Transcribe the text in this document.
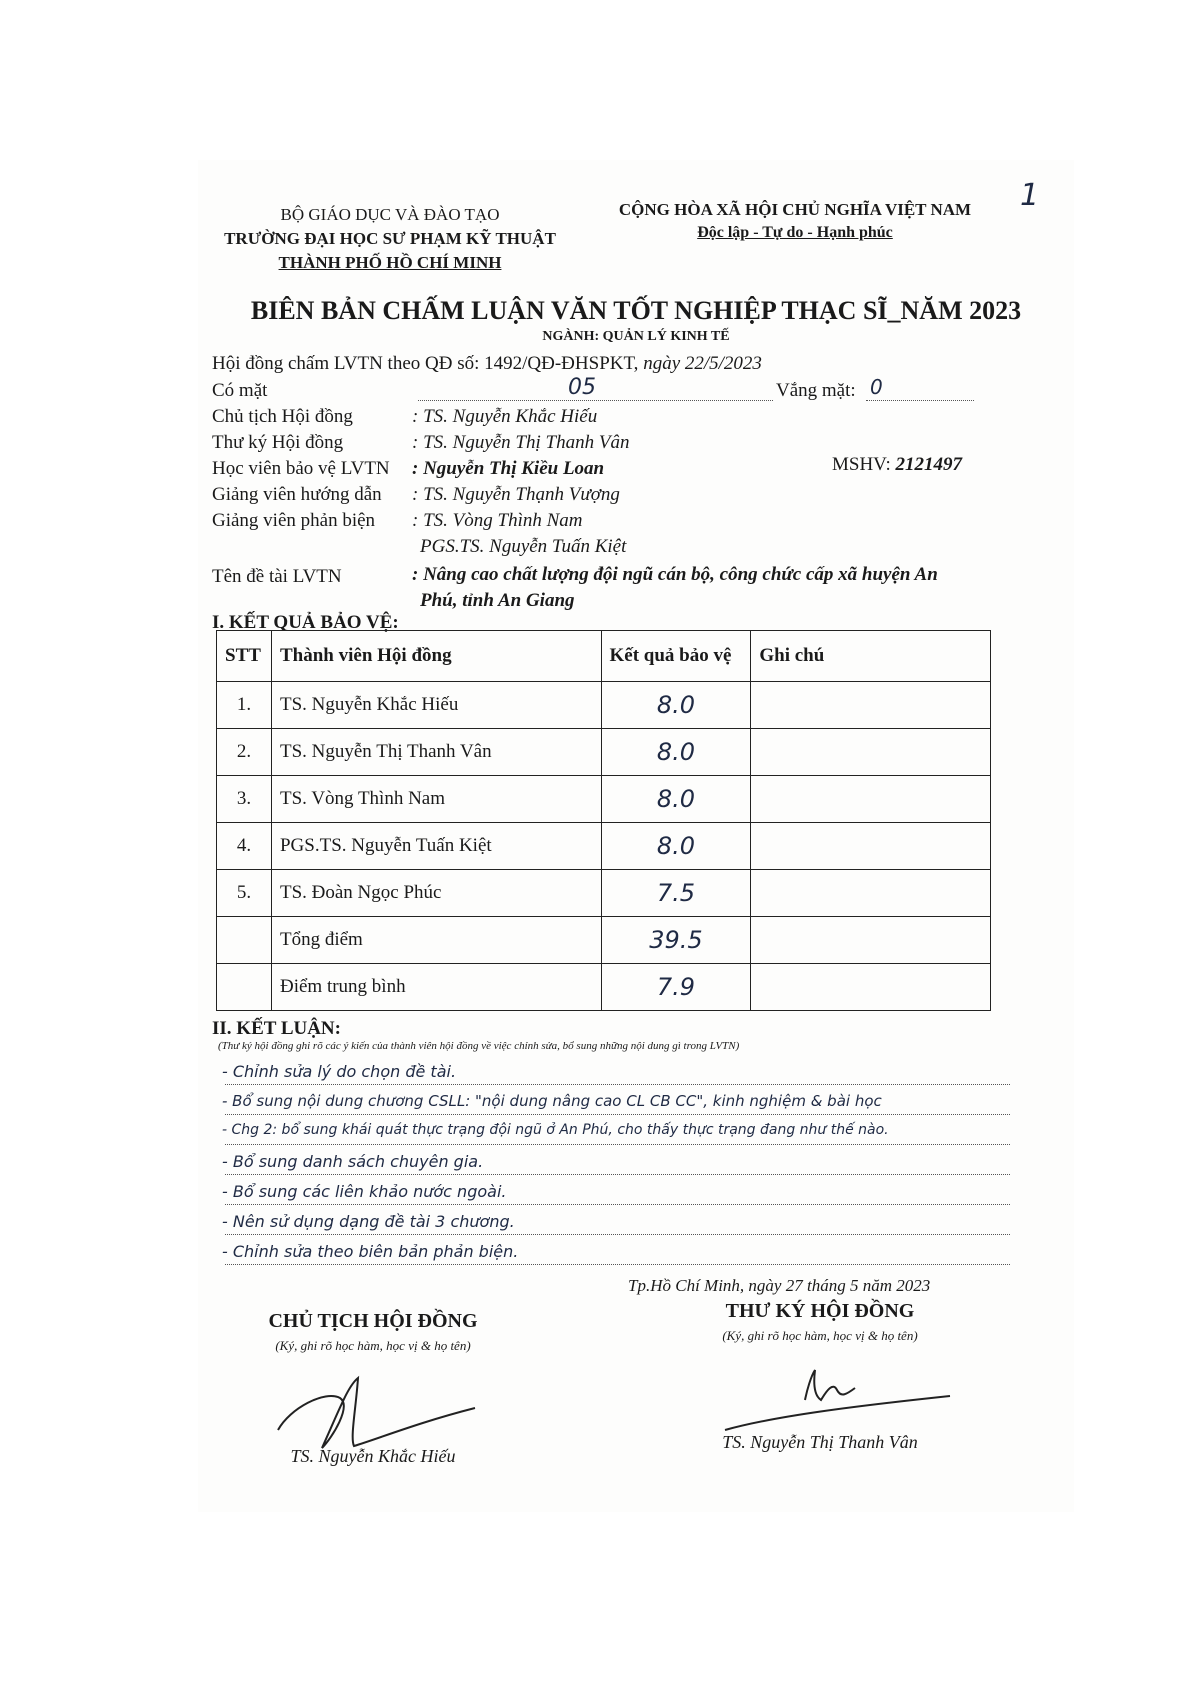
1
BỘ GIÁO DỤC VÀ ĐÀO TẠO
TRƯỜNG ĐẠI HỌC SƯ PHẠM KỸ THUẬT
THÀNH PHỐ HỒ CHÍ MINH
CỘNG HÒA XÃ HỘI CHỦ NGHĨA VIỆT NAM
Độc lập - Tự do - Hạnh phúc
BIÊN BẢN CHẤM LUẬN VĂN TỐT NGHIỆP THẠC SĨ_NĂM 2023
NGÀNH: QUẢN LÝ KINH TẾ
Hội đồng chấm LVTN theo QĐ số: 1492/QĐ-ĐHSPKT, ngày 22/5/2023
Có mặt	05	Vắng mặt: 0
Chủ tịch Hội đồng	: TS. Nguyễn Khắc Hiếu
Thư ký Hội đồng	: TS. Nguyễn Thị Thanh Vân
Học viên bảo vệ LVTN : Nguyễn Thị Kiều Loan	MSHV: 2121497
Giảng viên hướng dẫn : TS. Nguyễn Thạnh Vượng
Giảng viên phản biện : TS. Vòng Thình Nam
PGS.TS. Nguyễn Tuấn Kiệt
Tên đề tài LVTN	: Nâng cao chất lượng đội ngũ cán bộ, công chức cấp xã huyện An
Phú, tỉnh An Giang
I. KẾT QUẢ BẢO VỆ:
STT	Thành viên Hội đồng	Kết quả bảo vệ	Ghi chú
1.	TS. Nguyễn Khắc Hiếu	8.0	
2.	TS. Nguyễn Thị Thanh Vân	8.0	
3.	TS. Vòng Thình Nam	8.0	
4.	PGS.TS. Nguyễn Tuấn Kiệt	8.0	
5.	TS. Đoàn Ngọc Phúc	7.5	
	Tổng điểm	39.5	
	Điểm trung bình	7.9	
II. KẾT LUẬN:
(Thư ký hội đồng ghi rõ các ý kiến của thành viên hội đồng về việc chỉnh sửa, bổ sung những nội dung gì trong LVTN)
- Chỉnh sửa lý do chọn đề tài.
- Bổ sung nội dung chương CSLL: "nội dung nâng cao CL CB CC", kinh nghiệm & bài học
- Chg 2: bổ sung khái quát thực trạng đội ngũ ở An Phú, cho thấy thực trạng đang như thế nào.
- Bổ sung danh sách chuyên gia.
- Bổ sung các liên khảo nước ngoài.
- Nên sử dụng dạng đề tài 3 chương.
- Chỉnh sửa theo biên bản phản biện.
Tp.Hồ Chí Minh, ngày 27 tháng 5 năm 2023
CHỦ TỊCH HỘI ĐỒNG
(Ký, ghi rõ học hàm, học vị & họ tên)
TS. Nguyễn Khắc Hiếu
THƯ KÝ HỘI ĐỒNG
(Ký, ghi rõ học hàm, học vị & họ tên)
TS. Nguyễn Thị Thanh Vân
